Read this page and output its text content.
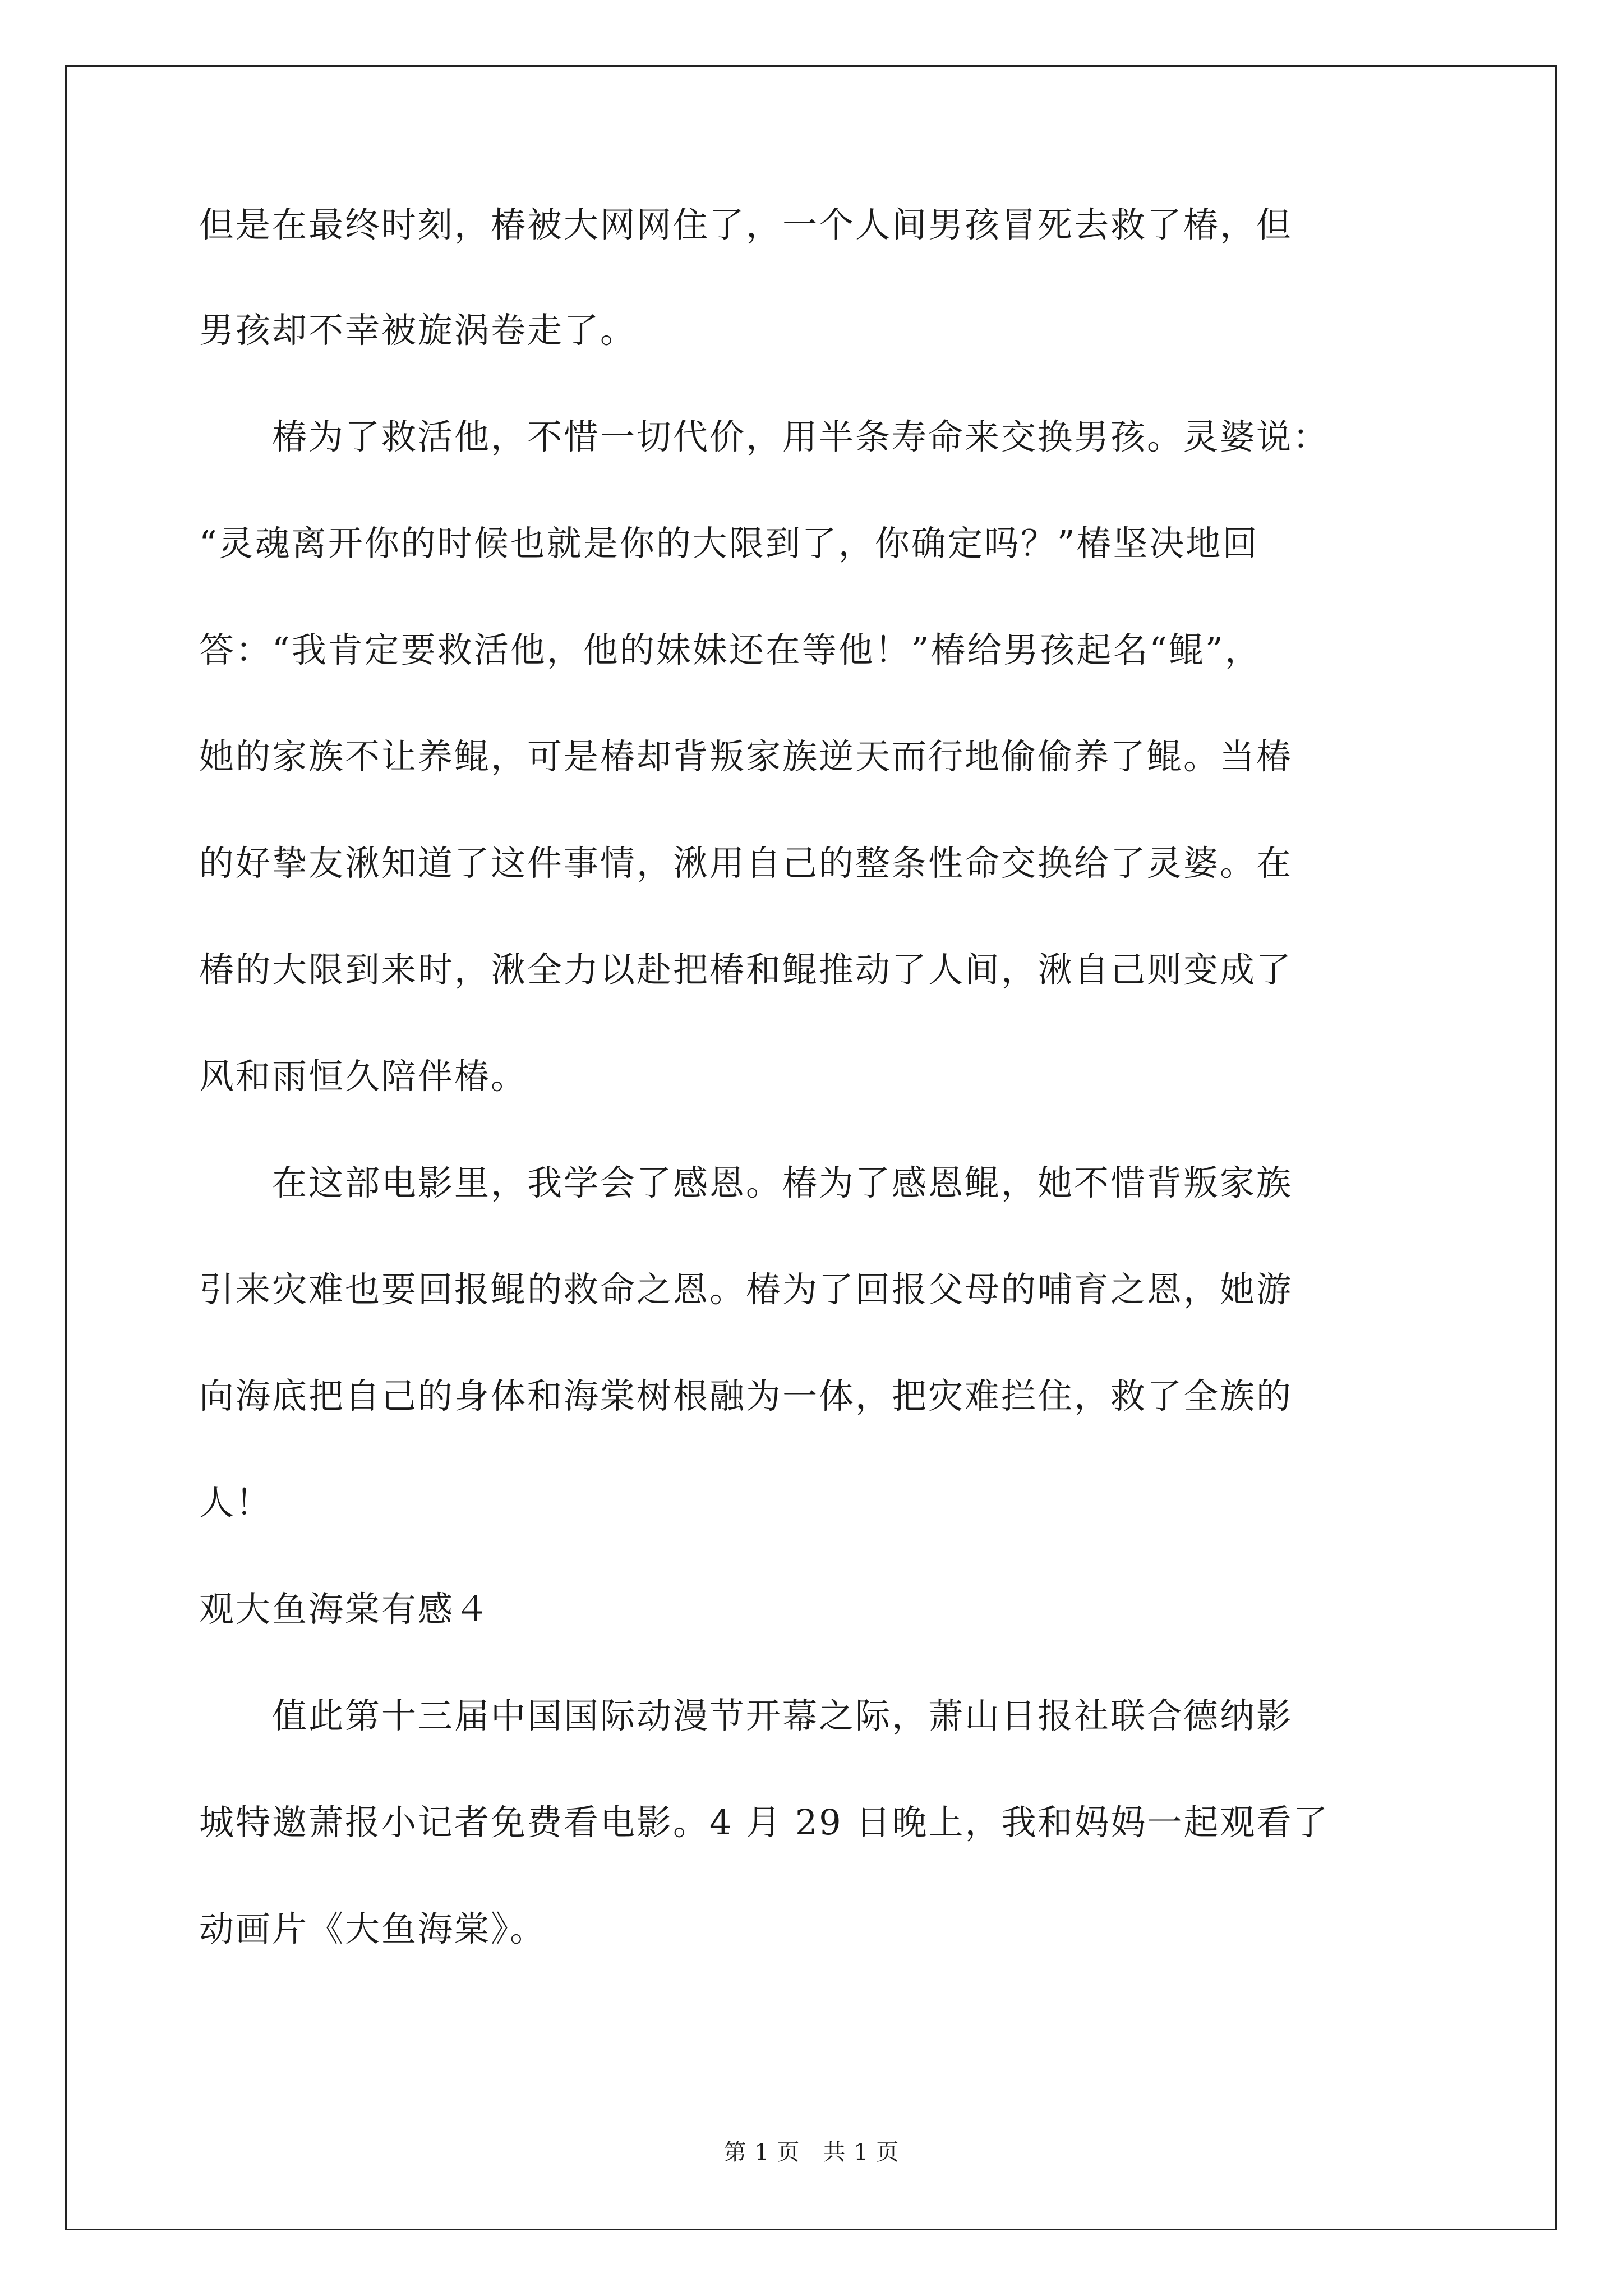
但是在最终时刻，椿被大网网住了，一个人间男孩冒死去救了椿，但
男孩却不幸被旋涡卷走了。
　　椿为了救活他，不惜一切代价，用半条寿命来交换男孩。灵婆说：
“灵魂离开你的时候也就是你的大限到了，你确定吗？”椿坚决地回
答：“我肯定要救活他，他的妹妹还在等他！”椿给男孩起名“鲲”，
她的家族不让养鲲，可是椿却背叛家族逆天而行地偷偷养了鲲。当椿
的好挚友湫知道了这件事情，湫用自己的整条性命交换给了灵婆。在
椿的大限到来时，湫全力以赴把椿和鲲推动了人间，湫自己则变成了
风和雨恒久陪伴椿。
　　在这部电影里，我学会了感恩。椿为了感恩鲲，她不惜背叛家族
引来灾难也要回报鲲的救命之恩。椿为了回报父母的哺育之恩，她游
向海底把自己的身体和海棠树根融为一体，把灾难拦住，救了全族的
人！
观大鱼海棠有感４
　　值此第十三届中国国际动漫节开幕之际，萧山日报社联合德纳影
城特邀萧报小记者免费看电影。4 月 29 日晚上，我和妈妈一起观看了
动画片《大鱼海棠》。
第 1 页　共 1 页
